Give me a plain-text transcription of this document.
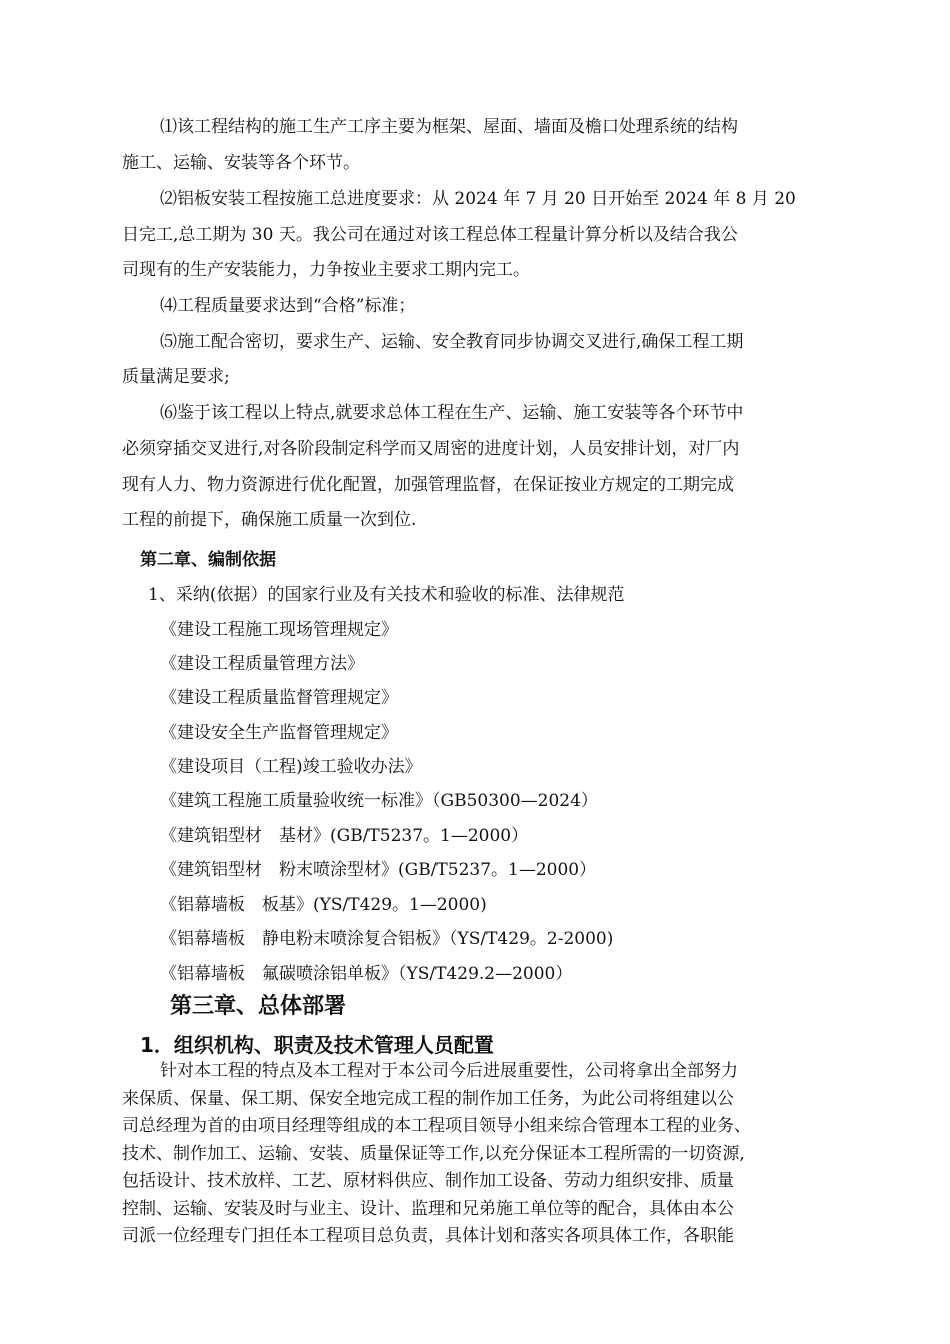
⑴该工程结构的施工生产工序主要为框架、屋面、墙面及檐口处理系统的结构
施工、运输、安装等各个环节。
⑵铝板安装工程按施工总进度要求：从 2024 年 7 月 20 日开始至 2024 年 8 月 20
日完工,总工期为 30 天。我公司在通过对该工程总体工程量计算分析以及结合我公
司现有的生产安装能力，力争按业主要求工期内完工。
⑷工程质量要求达到“合格”标准；
⑸施工配合密切，要求生产、运输、安全教育同步协调交叉进行,确保工程工期
质量满足要求;
⑹鉴于该工程以上特点,就要求总体工程在生产、运输、施工安装等各个环节中
必须穿插交叉进行,对各阶段制定科学而又周密的进度计划，人员安排计划，对厂内
现有人力、物力资源进行优化配置，加强管理监督，在保证按业方规定的工期完成
工程的前提下，确保施工质量一次到位.
第二章、编制依据
1、采纳(依据）的国家行业及有关技术和验收的标准、法律规范
《建设工程施工现场管理规定》
《建设工程质量管理方法》
《建设工程质量监督管理规定》
《建设安全生产监督管理规定》
《建设项目（工程)竣工验收办法》
《建筑工程施工质量验收统一标准》（GB50300—2024）
《建筑铝型材　基材》(GB/T5237。1—2000）
《建筑铝型材　粉末喷涂型材》(GB/T5237。1—2000）
《铝幕墙板　板基》(YS/T429。1—2000)
《铝幕墙板　静电粉末喷涂复合铝板》（YS/T429。2-2000)
《铝幕墙板　氟碳喷涂铝单板》（YS/T429.2—2000）
第三章、总体部署
1．组织机构、职责及技术管理人员配置
针对本工程的特点及本工程对于本公司今后进展重要性，公司将拿出全部努力
来保质、保量、保工期、保安全地完成工程的制作加工任务，为此公司将组建以公
司总经理为首的由项目经理等组成的本工程项目领导小组来综合管理本工程的业务、
技术、制作加工、运输、安装、质量保证等工作,以充分保证本工程所需的一切资源,
包括设计、技术放样、工艺、原材料供应、制作加工设备、劳动力组织安排、质量
控制、运输、安装及时与业主、设计、监理和兄弟施工单位等的配合，具体由本公
司派一位经理专门担任本工程项目总负责，具体计划和落实各项具体工作，各职能
